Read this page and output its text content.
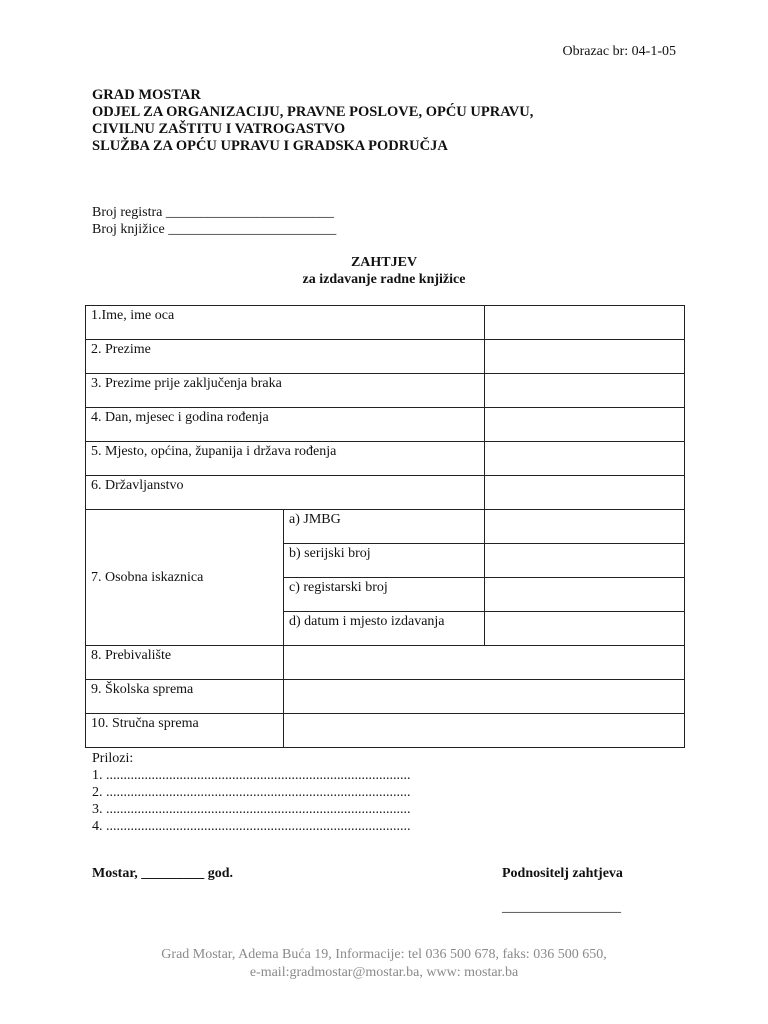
Obrazac br: 04-1-05
GRAD MOSTAR
ODJEL ZA ORGANIZACIJU, PRAVNE POSLOVE, OPĆU UPRAVU,
CIVILNU ZAŠTITU I VATROGASTVO
SLUŽBA ZA OPĆU UPRAVU I GRADSKA PODRUČJA
Broj registra ________________________
Broj knjižice ________________________
ZAHTJEV
za izdavanje radne knjižice
1.Ime, ime oca		

2. Prezime		

3. Prezime prije zaključenja braka		

4. Dan, mjesec i godina rođenja		

5. Mjesto, općina, županija i država rođenja		

6. Državljanstvo		

7. Osobna iskaznica	a) JMBG	

	b) serijski broj	

	c) registarski broj	

	d) datum i mjesto izdavanja	

8. Prebivalište		

9. Školska sprema		

10. Stručna sprema		

Prilozi:
1. .......................................................................................
2. .......................................................................................
3. .......................................................................................
4. .......................................................................................
Mostar, _________ god.	Podnositelj zahtjeva
_________________
Grad Mostar, Adema Buća 19, Informacije: tel 036 500 678, faks: 036 500 650,
e-mail:gradmostar@mostar.ba, www: mostar.ba
